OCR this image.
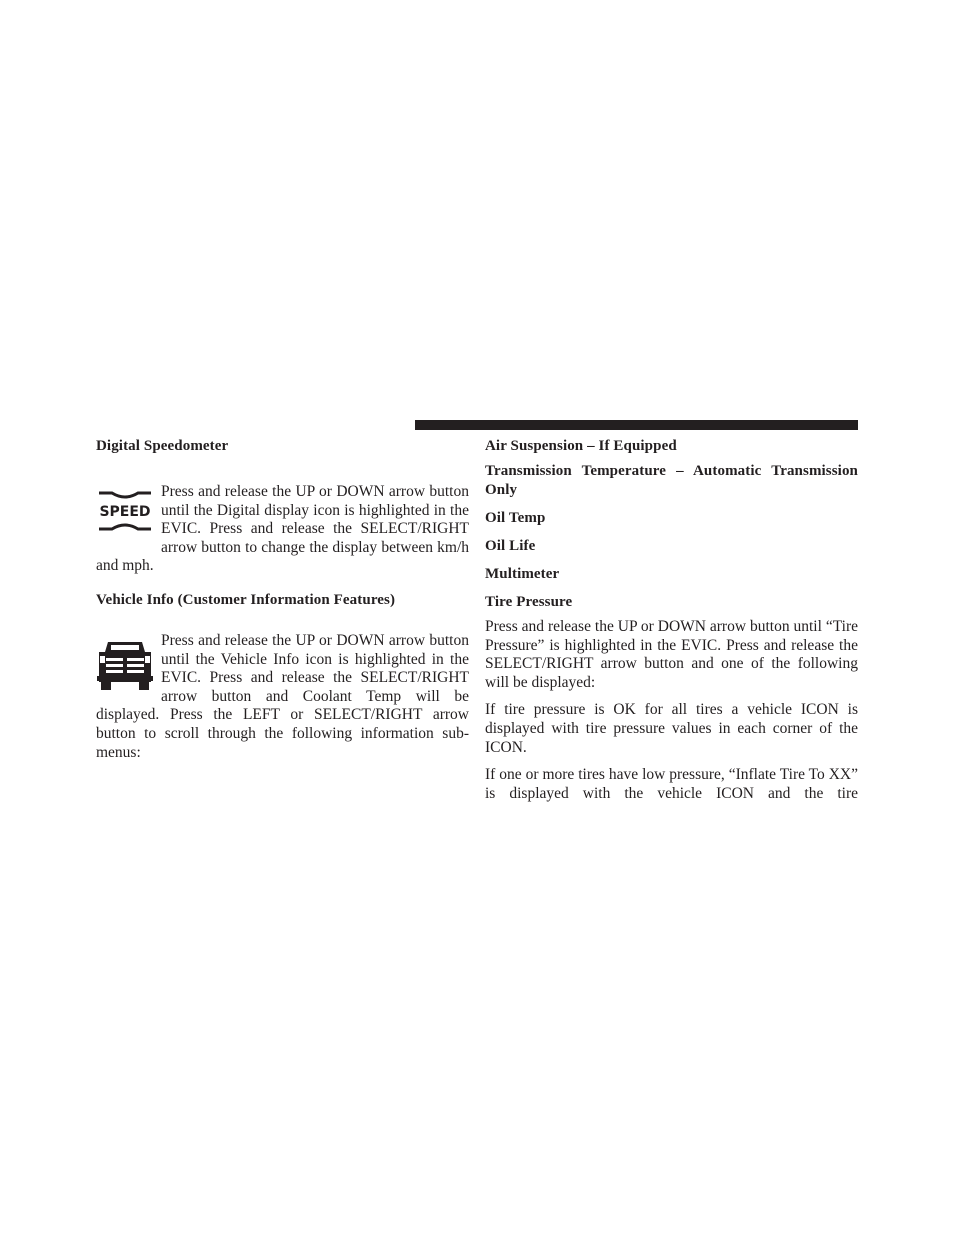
Digital Speedometer
SPEED

Press and release the UP or DOWN arrow button until the Digital display icon is highlighted in the EVIC. Press and release the SELECT/RIGHT arrow button to change the display between km/h and mph.

Vehicle Info (Customer Information Features)

Press and release the UP or DOWN arrow button until the Vehicle Info icon is highlighted in the EVIC. Press and release the SELECT/RIGHT arrow button and Coolant Temp will be displayed. Press the LEFT or SELECT/RIGHT arrow button to scroll through the following information sub-menus:

Air Suspension – If Equipped
Transmission Temperature – Automatic Transmission Only
Oil Temp
Oil Life
Multimeter
Tire Pressure

Press and release the UP or DOWN arrow button until “Tire Pressure” is highlighted in the EVIC. Press and release the SELECT/RIGHT arrow button and one of the following will be displayed:

If tire pressure is OK for all tires a vehicle ICON is displayed with tire pressure values in each corner of the ICON.

If one or more tires have low pressure, “Inflate Tire To XX” is displayed with the vehicle ICON and the tire
